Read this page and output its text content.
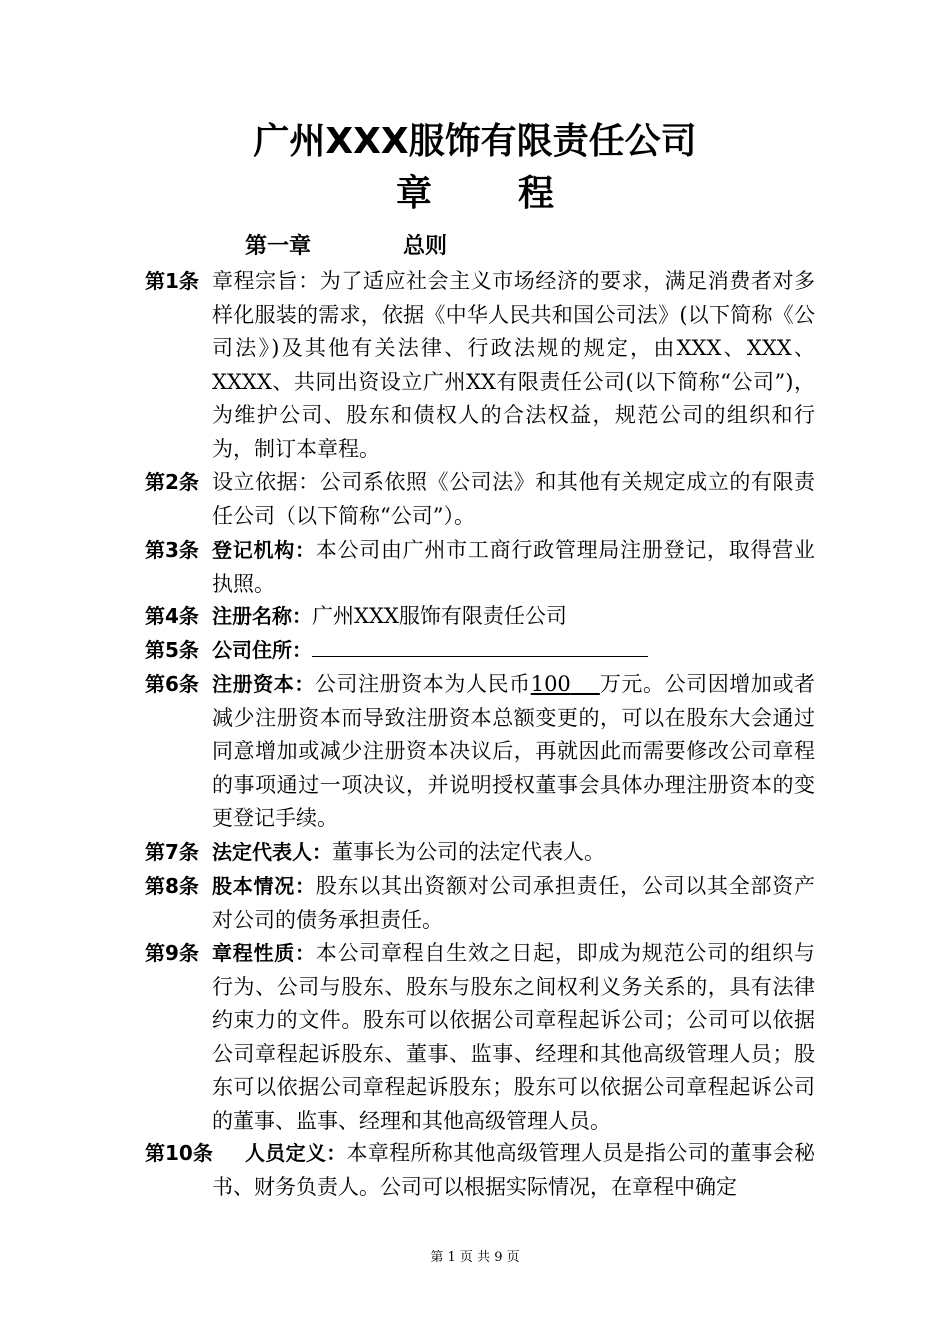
广州XXX服饰有限责任公司
章 程
第一章	总则
第1条 章程宗旨：为了适应社会主义市场经济的要求，满足消费者对多样化服装的需求，依据《中华人民共和国公司法》(以下简称《公司法》)及其他有关法律、行政法规的规定，由XXX、XXX、XXXX、共同出资设立广州XX有限责任公司(以下简称“公司”)，为维护公司、股东和债权人的合法权益，规范公司的组织和行为，制订本章程。
第2条 设立依据：公司系依照《公司法》和其他有关规定成立的有限责任公司（以下简称“公司”）。
第3条 登记机构：本公司由广州市工商行政管理局注册登记，取得营业执照。
第4条 注册名称：广州XXX服饰有限责任公司
第5条 公司住所：
第6条 注册资本：公司注册资本为人民币100 万元。公司因增加或者减少注册资本而导致注册资本总额变更的，可以在股东大会通过同意增加或减少注册资本决议后，再就因此而需要修改公司章程的事项通过一项决议，并说明授权董事会具体办理注册资本的变更登记手续。
第7条 法定代表人：董事长为公司的法定代表人。
第8条 股本情况：股东以其出资额对公司承担责任，公司以其全部资产对公司的债务承担责任。
第9条 章程性质：本公司章程自生效之日起，即成为规范公司的组织与行为、公司与股东、股东与股东之间权利义务关系的，具有法律约束力的文件。股东可以依据公司章程起诉公司；公司可以依据公司章程起诉股东、董事、监事、经理和其他高级管理人员；股东可以依据公司章程起诉股东；股东可以依据公司章程起诉公司的董事、监事、经理和其他高级管理人员。
第10条	人员定义：本章程所称其他高级管理人员是指公司的董事会秘书、财务负责人。公司可以根据实际情况，在章程中确定
第 1 页 共 9 页
